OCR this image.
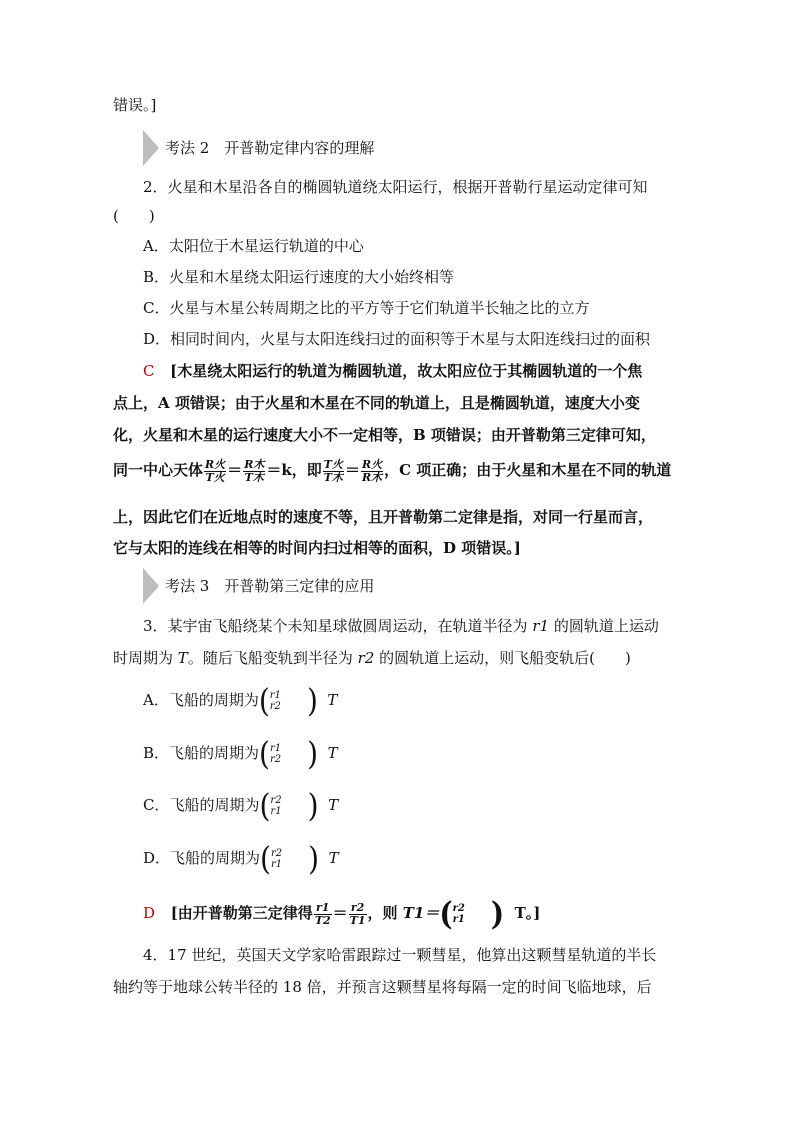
错误。]
考法 2　开普勒定律内容的理解
2．火星和木星沿各自的椭圆轨道绕太阳运行，根据开普勒行星运动定律可知
(　　)
A．太阳位于木星运行轨道的中心
B．火星和木星绕太阳运行速度的大小始终相等
C．火星与木星公转周期之比的平方等于它们轨道半长轴之比的立方
D．相同时间内，火星与太阳连线扫过的面积等于木星与太阳连线扫过的面积
C [木星绕太阳运行的轨道为椭圆轨道，故太阳应位于其椭圆轨道的一个焦
点上，A 项错误；由于火星和木星在不同的轨道上，且是椭圆轨道，速度大小变
化，火星和木星的运行速度大小不一定相等，B 项错误；由开普勒第三定律可知，
同一中心天体 $\frac{\text{R火}}{\text{T火}} = \frac{\text{R木}}{\text{T木}} =k$，即 $\frac{\text{T火}}{\text{T木}} = \frac{\text{R火}}{\text{R木}}$ ，C 项正确；由于火星和木星在不同的轨道
上，因此它们在近地点时的速度不等，且开普勒第二定律是指，对同一行星而言，
它与太阳的连线在相等的时间内扫过相等的面积，D 项错误。]
考法 3　开普勒第三定律的应用
3．某宇宙飞船绕某个未知星球做圆周运动，在轨道半径为 r1 的圆轨道上运动
时周期为 T。随后飞船变轨到半径为 r2 的圆轨道上运动，则飞船变轨后(　　)
A．飞船的周期为( r1
r2 ) T
B．飞船的周期为( r1
r2 ) T
C．飞船的周期为( r2
r1 ) T
D．飞船的周期为( r2
r1 ) T
D [由开普勒第三定律得 $\frac{r1}{T2} = \frac{r2}{T1}$ ，则 T1＝( r2
r1 ) T。]
4．17 世纪，英国天文学家哈雷跟踪过一颗彗星，他算出这颗彗星轨道的半长
轴约等于地球公转半径的 18 倍，并预言这颗彗星将每隔一定的时间飞临地球，后
